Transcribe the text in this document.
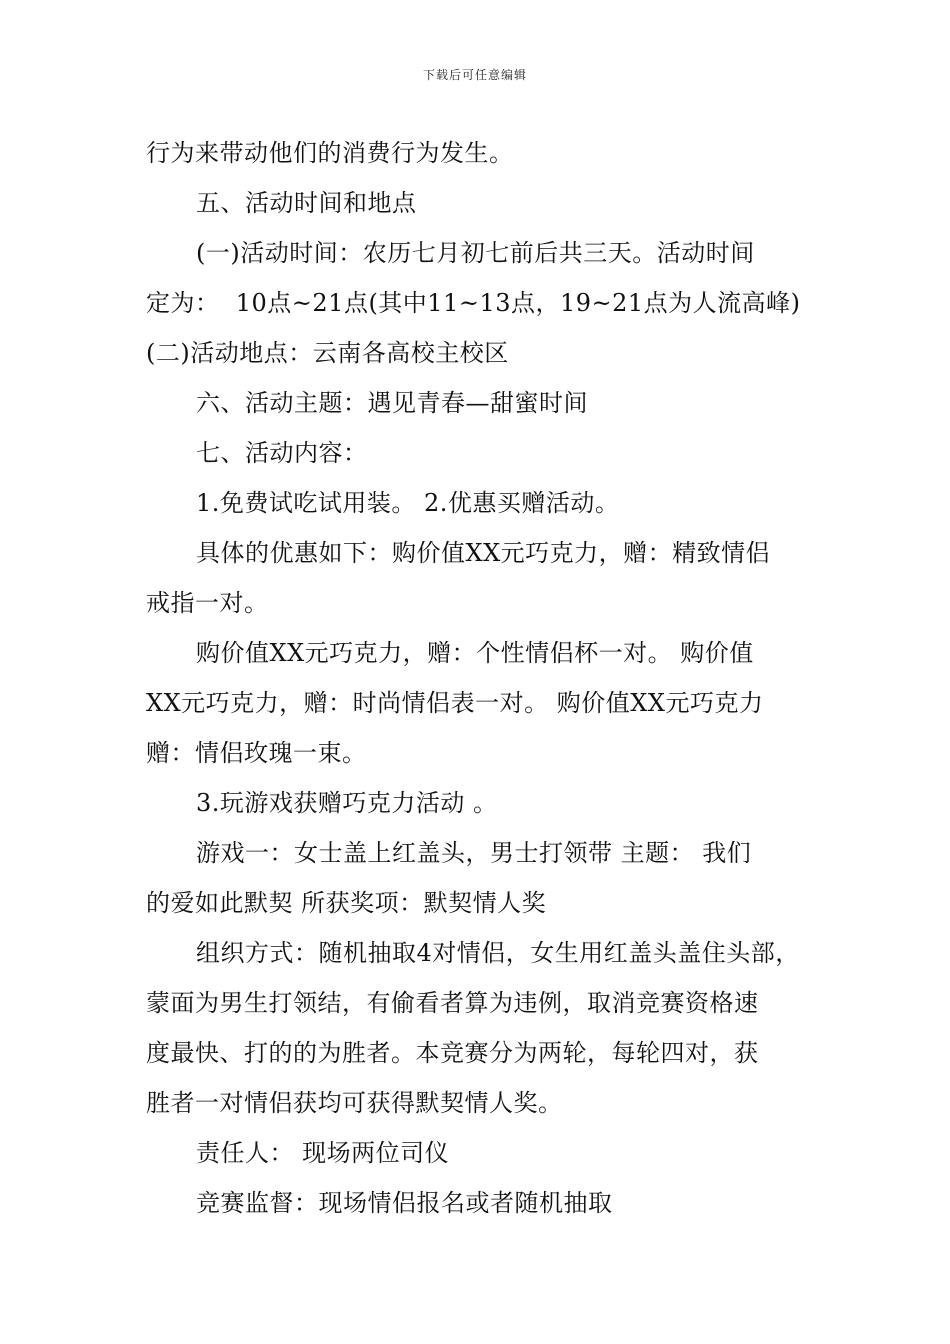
下载后可任意编辑
行为来带动他们的消费行为发生。
五、活动时间和地点
(一)活动时间：农历七月初七前后共三天。活动时间
定为：  10点~21点(其中11~13点，19~21点为人流高峰)
(二)活动地点：云南各高校主校区
六、活动主题：遇见青春—甜蜜时间
七、活动内容：
1.免费试吃试用装。 2.优惠买赠活动。
具体的优惠如下：购价值XX元巧克力，赠：精致情侣
戒指一对。
购价值XX元巧克力，赠：个性情侣杯一对。 购价值
XX元巧克力，赠：时尚情侣表一对。 购价值XX元巧克力
赠：情侣玫瑰一束。
3.玩游戏获赠巧克力活动 。
游戏一：女士盖上红盖头，男士打领带 主题： 我们
的爱如此默契 所获奖项：默契情人奖
组织方式：随机抽取4对情侣，女生用红盖头盖住头部，
蒙面为男生打领结，有偷看者算为违例，取消竞赛资格速
度最快、打的的为胜者。本竞赛分为两轮，每轮四对，获
胜者一对情侣获均可获得默契情人奖。
责任人： 现场两位司仪
竞赛监督：现场情侣报名或者随机抽取
